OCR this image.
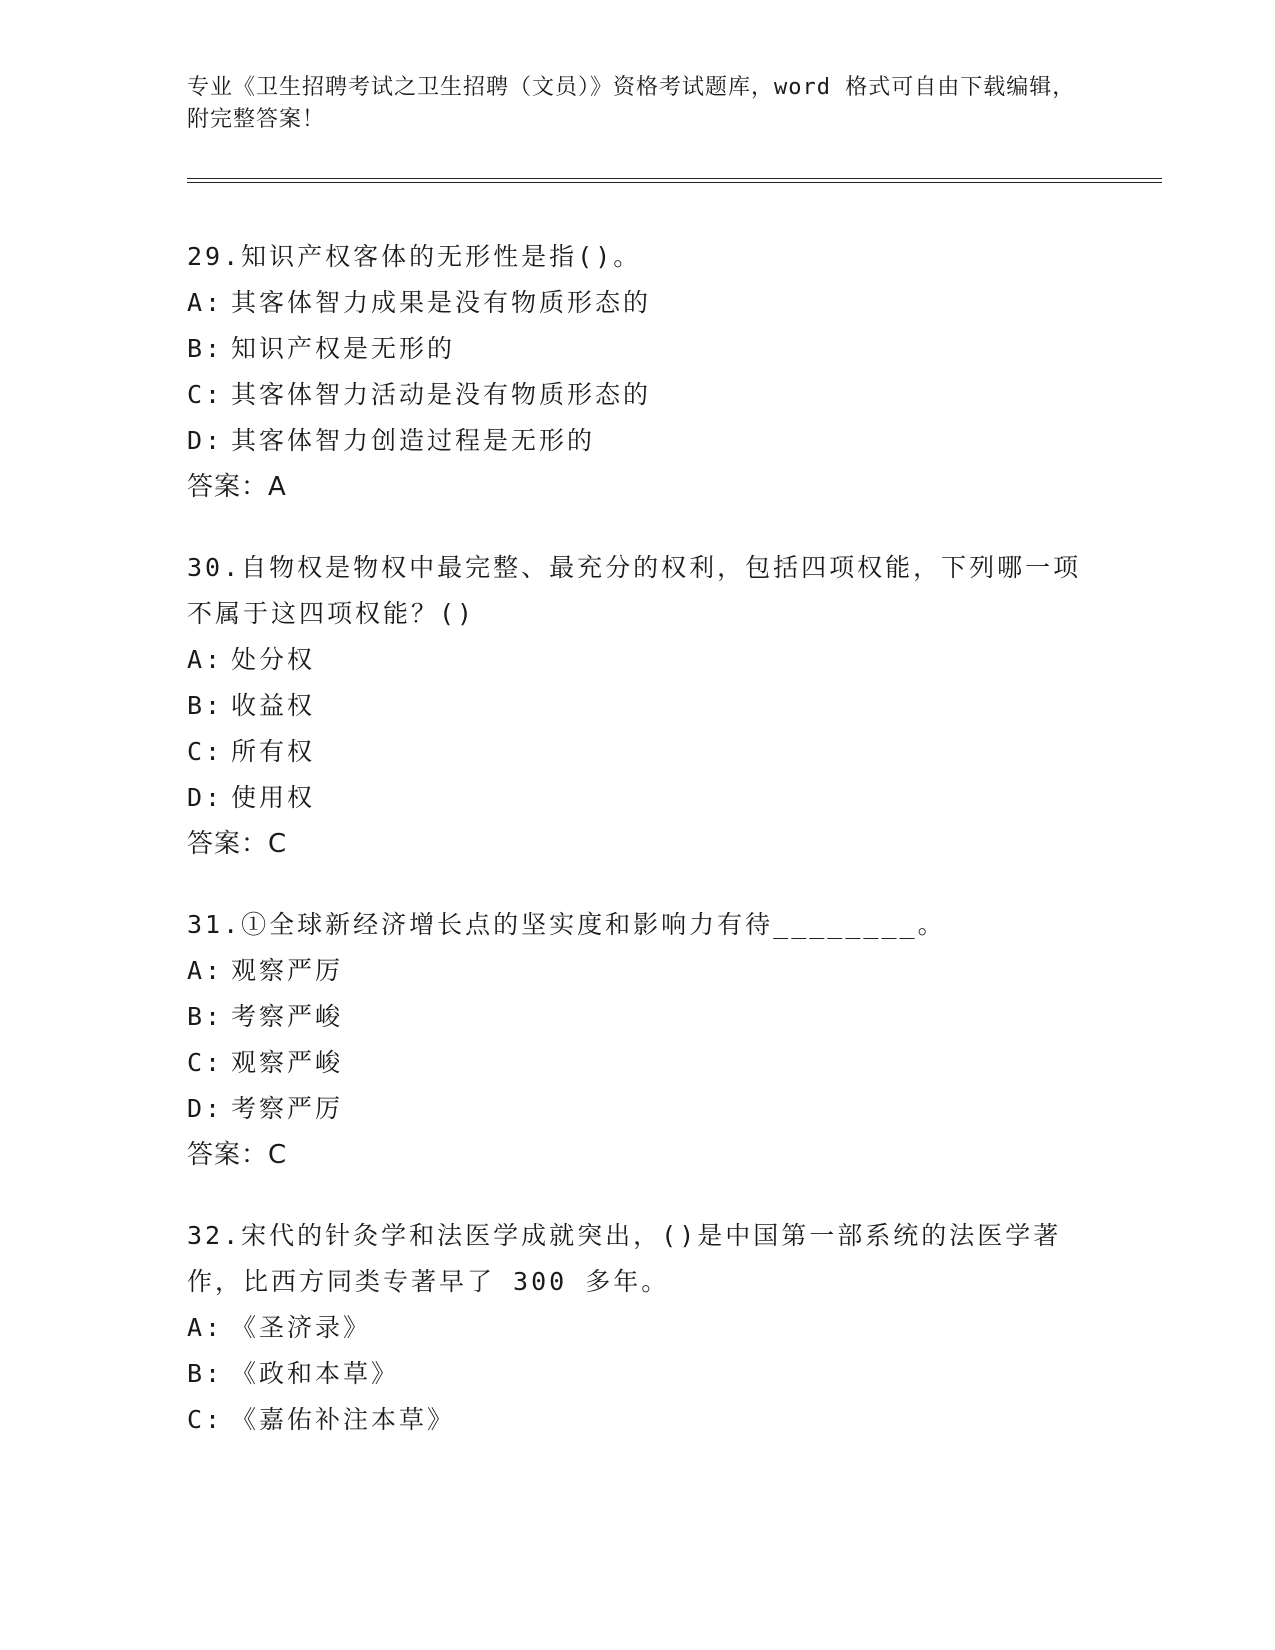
专业《卫生招聘考试之卫生招聘（文员）》资格考试题库，word 格式可自由下载编辑，附完整答案！
29.知识产权客体的无形性是指()。
A: 其客体智力成果是没有物质形态的
B: 知识产权是无形的
C: 其客体智力活动是没有物质形态的
D: 其客体智力创造过程是无形的
答案：A
30.自物权是物权中最完整、最充分的权利，包括四项权能，下列哪一项不属于这四项权能？()
A: 处分权
B: 收益权
C: 所有权
D: 使用权
答案：C
31.①全球新经济增长点的坚实度和影响力有待________。
A: 观察严厉
B: 考察严峻
C: 观察严峻
D: 考察严厉
答案：C
32.宋代的针灸学和法医学成就突出，()是中国第一部系统的法医学著作，比西方同类专著早了 300 多年。
A: 《圣济录》
B: 《政和本草》
C: 《嘉佑补注本草》
